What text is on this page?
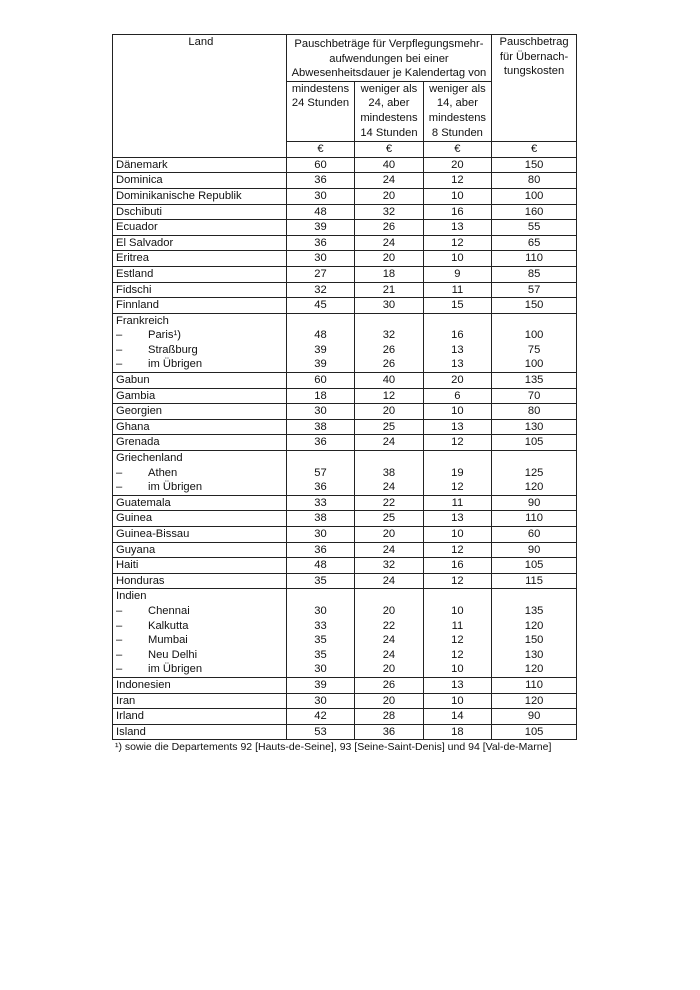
Land	Pauschbeträge für Verpflegungsmehr-
aufwendungen bei einer
Abwesenheitsdauer je Kalendertag von			Pauschbetrag
für Übernach-
tungskosten
	mindestens
24 Stunden	weniger als
24, aber
mindestens
14 Stunden	weniger als
14, aber
mindestens
8 Stunden	
	€	€	€	€
Dänemark	60	40	20	150
Dominica	36	24	12	80
Dominikanische Republik	30	20	10	100
Dschibuti	48	32	16	160
Ecuador	39	26	13	55
El Salvador	36	24	12	65
Eritrea	30	20	10	110
Estland	27	18	9	85
Fidschi	32	21	11	57
Finnland	45	30	15	150
Frankreich				

– Paris¹)	48	32	16	100

– Straßburg	39	26	13	75

– im Übrigen	39	26	13	100
Gabun	60	40	20	135
Gambia	18	12	6	70
Georgien	30	20	10	80
Ghana	38	25	13	130
Grenada	36	24	12	105
Griechenland				

– Athen	57	38	19	125

– im Übrigen	36	24	12	120
Guatemala	33	22	11	90
Guinea	38	25	13	110
Guinea-Bissau	30	20	10	60
Guyana	36	24	12	90
Haiti	48	32	16	105
Honduras	35	24	12	115
Indien				

– Chennai	30	20	10	135

– Kalkutta	33	22	11	120

– Mumbai	35	24	12	150

– Neu Delhi	35	24	12	130

– im Übrigen	30	20	10	120
Indonesien	39	26	13	110
Iran	30	20	10	120
Irland	42	28	14	90
Island	53	36	18	105
¹) sowie die Departements 92 [Hauts-de-Seine], 93 [Seine-Saint-Denis] und 94 [Val-de-Marne]
